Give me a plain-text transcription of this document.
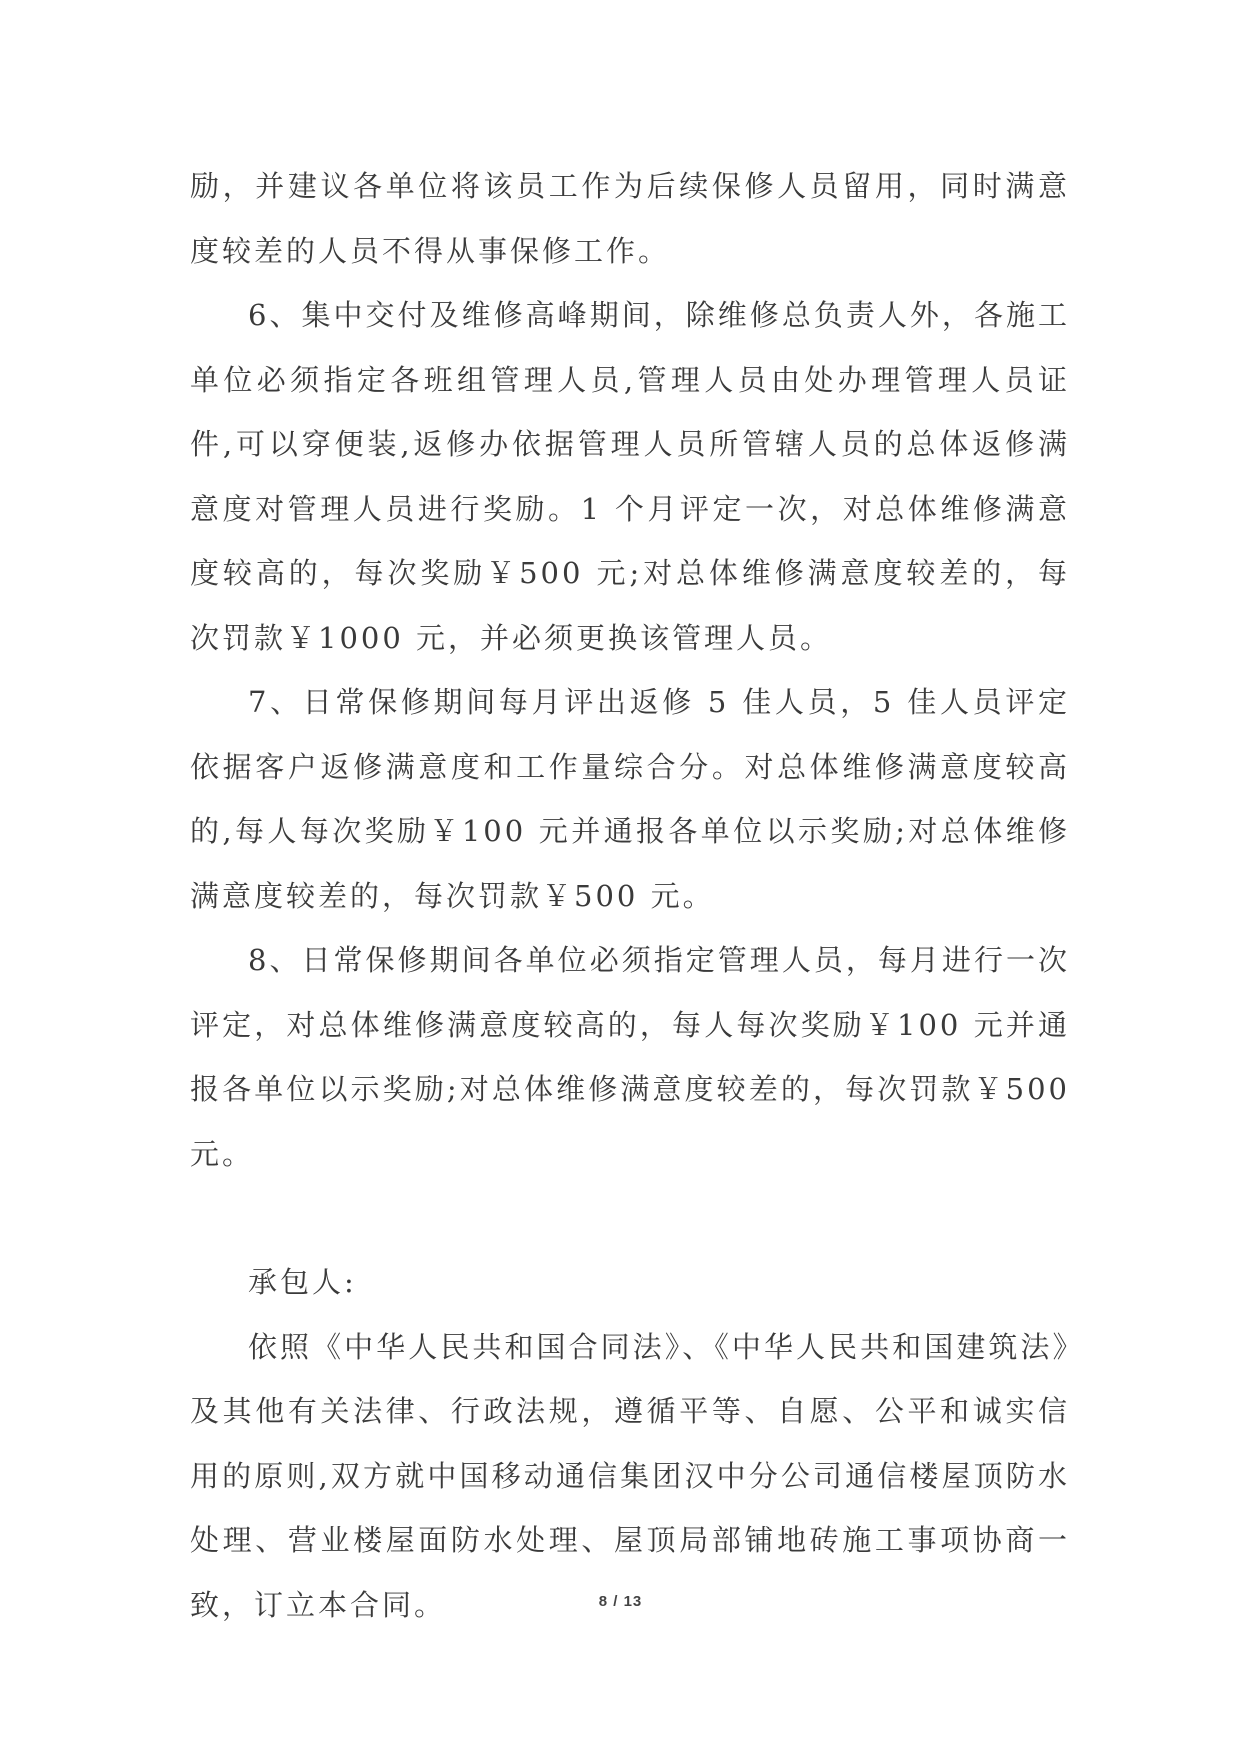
励，并建议各单位将该员工作为后续保修人员留用，同时满意度较差的人员不得从事保修工作。

6、集中交付及维修高峰期间，除维修总负责人外，各施工单位必须指定各班组管理人员,管理人员由处办理管理人员证件,可以穿便装,返修办依据管理人员所管辖人员的总体返修满意度对管理人员进行奖励。1 个月评定一次，对总体维修满意度较高的，每次奖励￥500 元;对总体维修满意度较差的，每次罚款￥1000 元，并必须更换该管理人员。

7、日常保修期间每月评出返修 5 佳人员，5 佳人员评定依据客户返修满意度和工作量综合分。对总体维修满意度较高的,每人每次奖励￥100 元并通报各单位以示奖励;对总体维修满意度较差的，每次罚款￥500 元。

8、日常保修期间各单位必须指定管理人员，每月进行一次评定，对总体维修满意度较高的，每人每次奖励￥100 元并通报各单位以示奖励;对总体维修满意度较差的，每次罚款￥500 元。

承包人:

依照《中华人民共和国合同法》、《中华人民共和国建筑法》及其他有关法律、行政法规，遵循平等、自愿、公平和诚实信用的原则,双方就中国移动通信集团汉中分公司通信楼屋顶防水处理、营业楼屋面防水处理、屋顶局部铺地砖施工事项协商一致，订立本合同。	8 / 13
